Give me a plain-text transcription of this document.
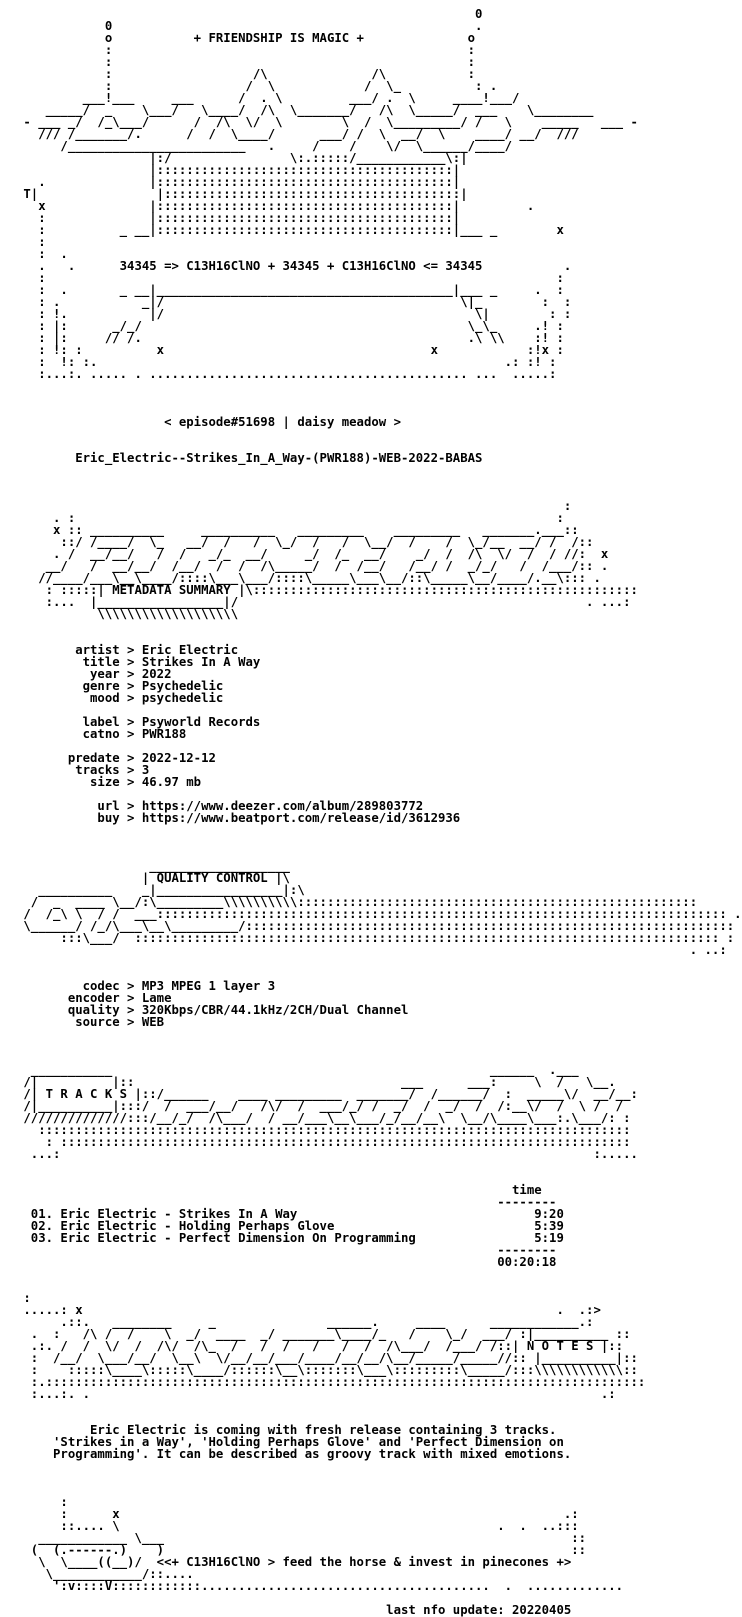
0
0                                                 .
o           + FRIENDSHIP IS MAGIC +              o
:                                                :
:                                                :
:                   /\              /\           :
:                  /  \            /  \_          : .
___!___     ___      /  . \         ___/ .  \     ____!___/
_____/  _    \___/   \____/  /\  \_______/   /\  \_____/  ___    \________
- ___ _/  /_\___/      /  /\  \/  \        \  /  \_________/ /   \    _____   ___ -
/// /_______/.      /  /  \____/      ___/ /  \  __/  \    ____/ __/  ///
/________________________   .     /    /    \/  \______/____/
|:/                \:.:::::/____________\:|
|::::::::::::::::::::::::::::::::::::::::|
.              |::::::::::::::::::::::::::::::::::::::::|
T|                |::::::::::::::::::::::::::::::::::::::::|
x              |::::::::::::::::::::::::::::::::::::::::|         .
:              |::::::::::::::::::::::::::::::::::::::::|
:          _ __|::::::::::::::::::::::::::::::::::::::::|___ _        x
:
:  .
.   .      34345 => C13H16ClNO + 34345 + C13H16ClNO <= 34345           .
:                                                                     :
:  .       _ __|________________________________________|___ _     .  :
: .           _|/                                        \|_        :  :
: !.           |/                                          \|        : :
: |:      _/_/                                            \_\_     .! :
: |:     // /.                                            .\ \\    :! :
: !: :          x                                    x            :!x :
:  !: :.                                                       .: :! :
:...:. ..... . ........................................... ...  .....:

< episode#51698 | daisy meadow >

Eric_Electric--Strikes_In_A_Way-(PWR188)-WEB-2022-BABAS

:
. :                                                                 :
x :: __________     __________   _________    _________   _______.___::
::/ /____/  \_   __/  /   /  \_/  /   /  \__/  /    /  \_/__  __/ /  /::
. /  __/__/   /  /   _/_  __/     _/  /_  __/    _/  /  /\  \/  /  / //:  x
__/   /  __/__/  /__/  /  /  /\_____/  /  /__/   /__/ /  _/_/   /  /___/:: .
//____/___\__\____/::::\___\___/::::\_____\___\__/::\_____\__/____/.__\::: .
: :::::| METADATA SUMMARY |\::::::::::::::::::::::::::::::::::::::::::::::::::::
:...  |_________________|/                                               . ...:
\\\\\\\\\\\\\\\\\\\

artist > Eric Electric
title > Strikes In A Way
year > 2022
genre > Psychedelic
mood > psychedelic

label > Psyworld Records
catno > PWR188

predate > 2022-12-12
tracks > 3
size > 46.97 mb

url > https://www.deezer.com/album/289803772
buy > https://www.beatport.com/release/id/3612936

___________________
| QUALITY CONTROL |\
__________    _|_________________|:\
/  _  ____ \__/:\_________\\\\\\\\\\::::::::::::::::::::::::::::::::::::::::::::::::::::::
/  /_\ \  / /  ___::::::::::::::::::::::::::::::::::::::::::::::::::::::::::::::::::::::::::::: .
\______/ /_/\___\__\_________/::::::::::::::::::::::::::::::::::::::::::::::::::::::::::::::::::
:::\___/  ::::::::::::::::::::::::::::::::::::::::::::::::::::::::::::::::::::::::::::::: :
. ..:

codec > MP3 MPEG 1 layer 3
encoder > Lame
quality > 320Kbps/CBR/44.1kHz/2CH/Dual Channel
source > WEB

___________                                                   ______  .___
/|          |::                                    ___      ___:     \  /   \__.
/| T R A C K S |::/______    ____ _________  _______/  /______/  :  _____\/  __/__:
/|__________|:::/  /  ___/__/   /\/  /  ___/_/ /  _/  /  _/  /  /:__\/  /  \ /  /
//////////////:::/__/_/  /\___/  / __/___\__\___/_/__/__\  \__/\____\___:.\___/: :
::::::::::::::::::::::::::::::::::::::::::::::::::::::::::::::::::::::::::::::::
: :::::::::::::::::::::::::::::::::::::::::::::::::::::::::::::::::::::::::::::
...:                                                                        :.....

time
--------
01. Eric Electric - Strikes In A Way                                9:20
02. Eric Electric - Holding Perhaps Glove                           5:39
03. Eric Electric - Perfect Dimension On Programming                5:19
--------
00:20:18

:
.....: x                                                                .  .:>
.::.   ________     _               ______.     ____      ____________.:
.  :   /\ /  /    \  _/  ____  _/ _______\____/_   /    \_/  ___/ :|__________ ::
.:. /  /  \/  /  /\/  /\_  /   /  /   /   /  /  /\___/  /___/ /::| N O T E S |::
:  /__/  \___/__/  \__\  \/__/__/___/____/__/__/\__/_____/_____//:: |__________|::
:    :::::\____\:::::\____/::::::\__\:::::::\___\:::::::::\_____/:::\\\\\\\\\\\\::
:.:::::::::::::::::::::::::::::::::::::::::::::::::::::::::::::::::::::::::::::::::
:...:. .                                                                     .:

Eric Electric is coming with fresh release containing 3 tracks.
'Strikes in a Way', 'Holding Perhaps Glove' and 'Perfect Dimension on
Programming'. It can be described as groovy track with mixed emotions.

:
:      x                                                            .:
::.... \                                                   .  .  ..:::
____________ \___                                                       ::
(  (.------.)    )                                                       ::
\  \____((__)/  <<+ C13H16ClNO > feed the horse & invest in pinecones +>
\____________/::....
':v::::V::::::::::::.......................................  .  .............

last nfo update: 20220405
